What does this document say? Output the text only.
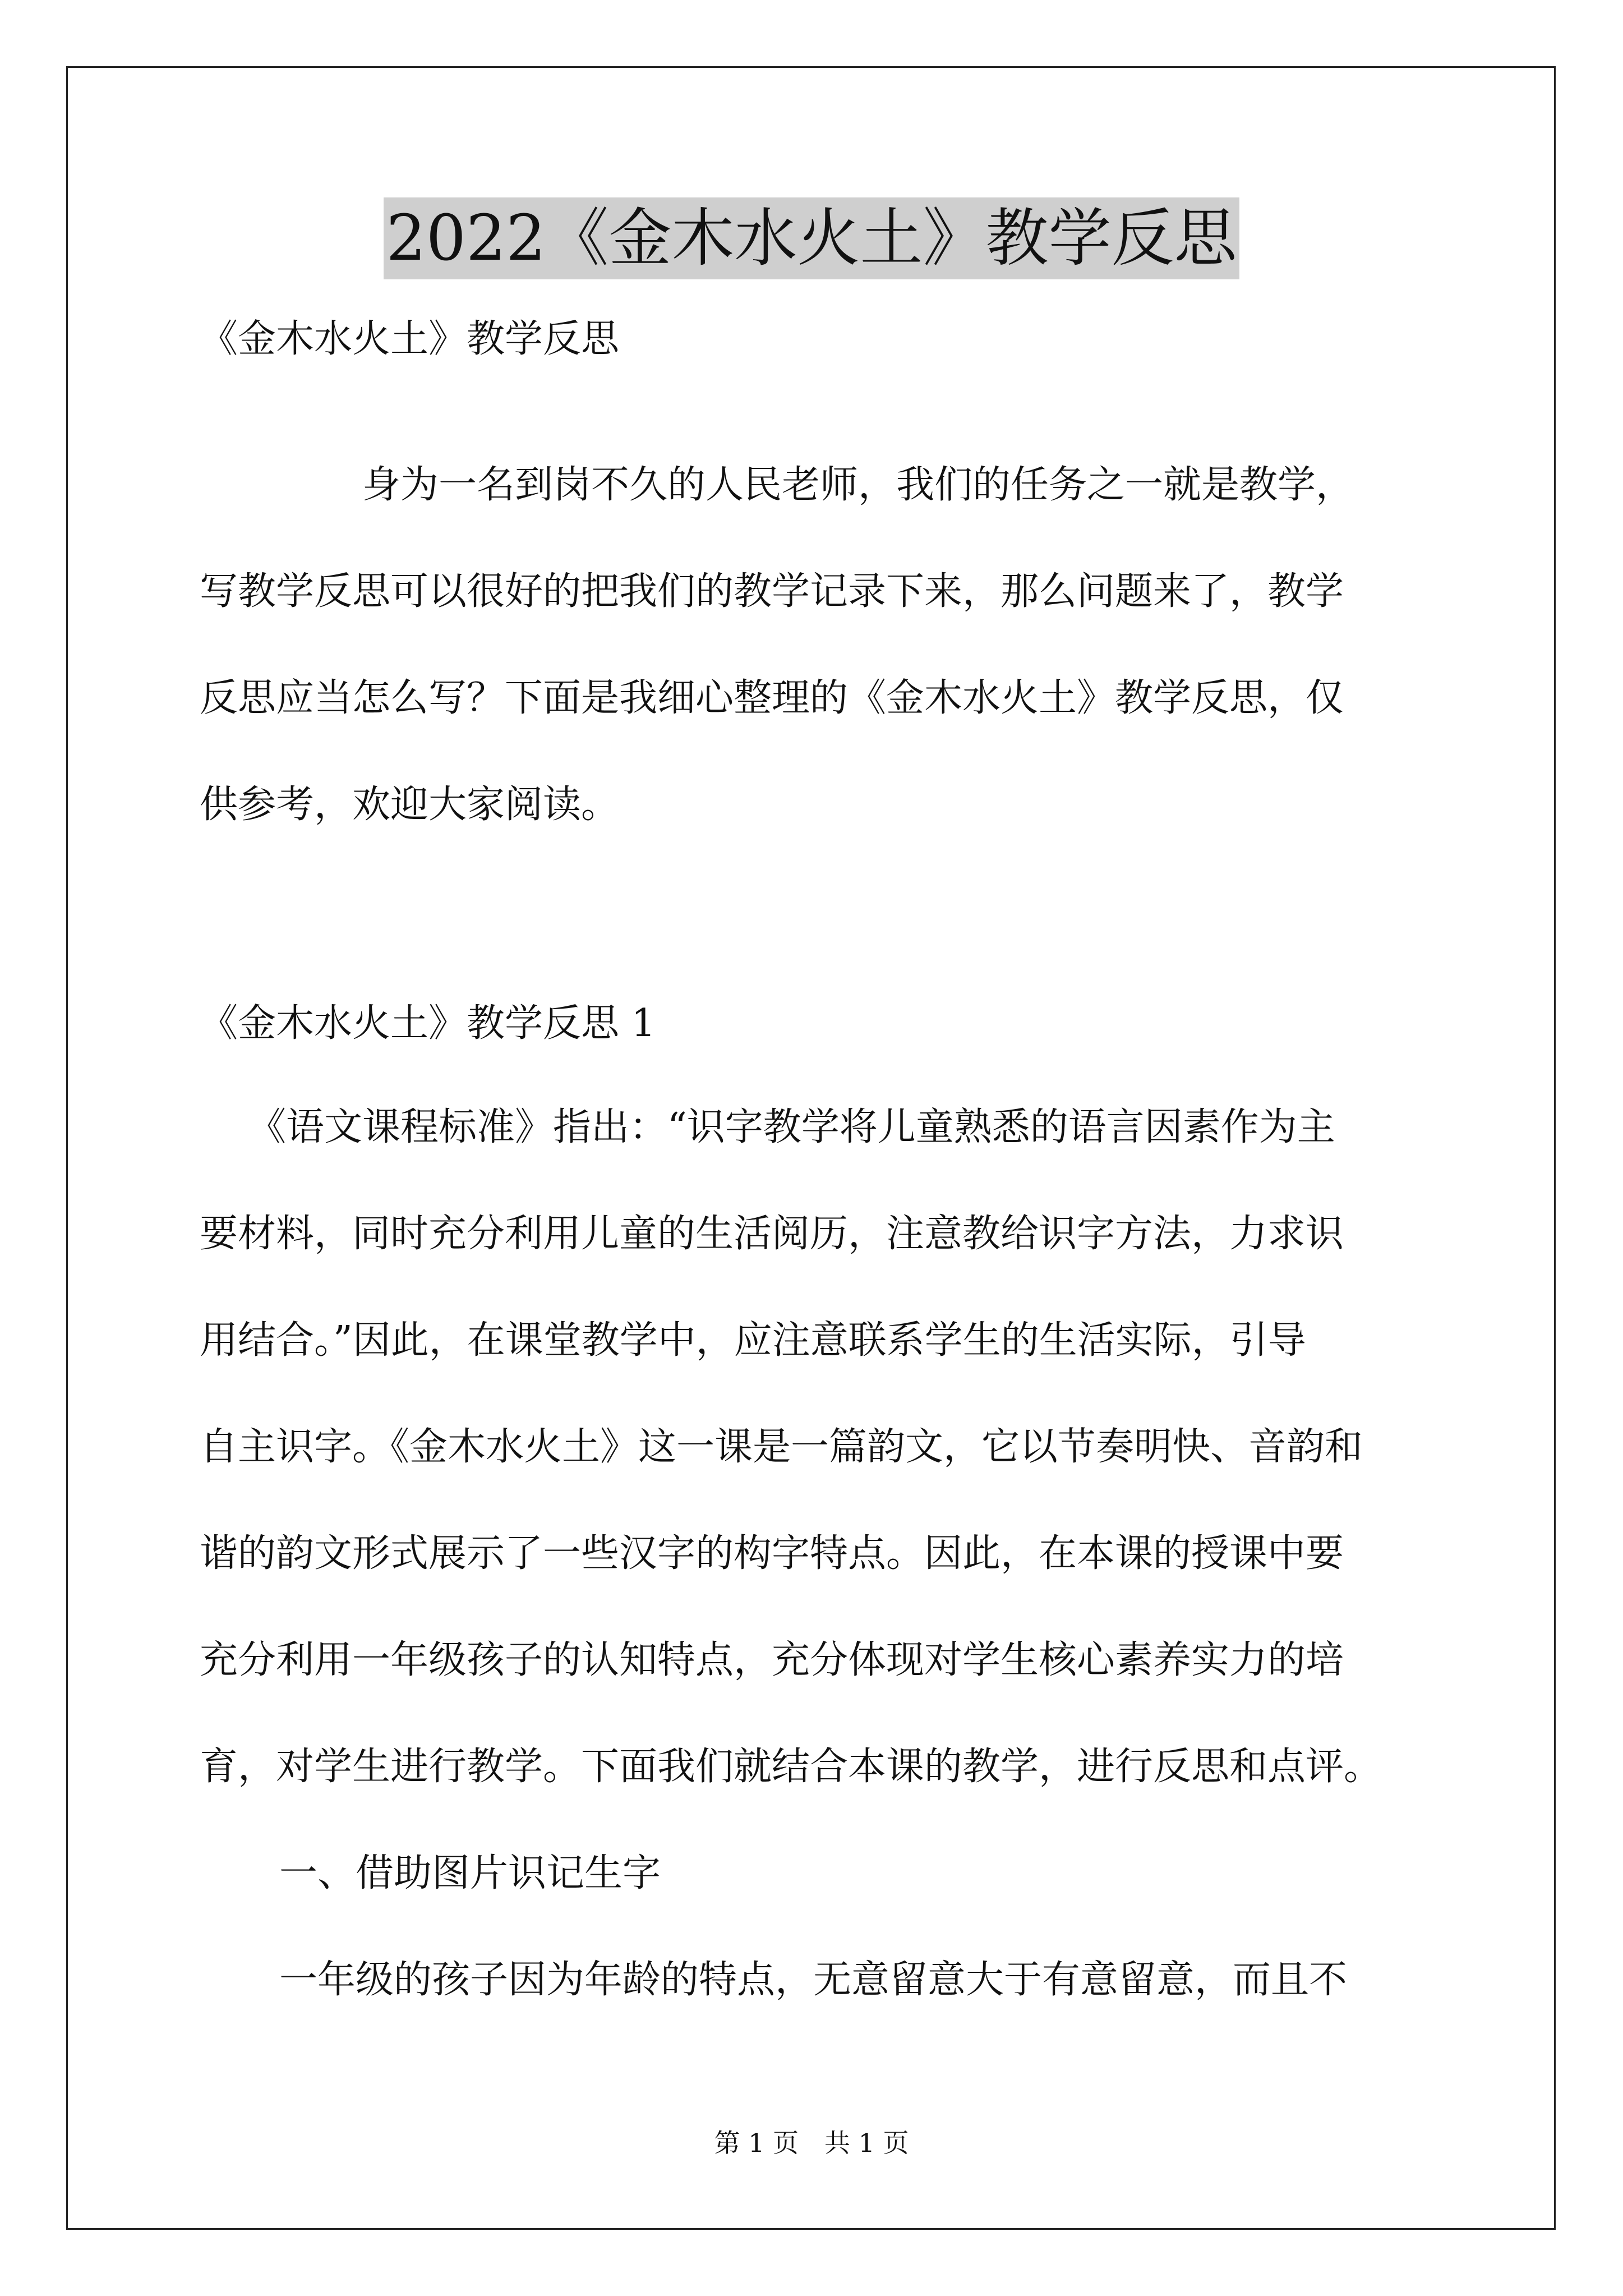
2022《金木水火土》教学反思
《金木水火土》教学反思
身为一名到岗不久的人民老师，我们的任务之一就是教学，
写教学反思可以很好的把我们的教学记录下来，那么问题来了，教学
反思应当怎么写？下面是我细心整理的《金木水火土》教学反思，仅
供参考，欢迎大家阅读。
《金木水火土》教学反思 1
《语文课程标准》指出：“识字教学将儿童熟悉的语言因素作为主
要材料，同时充分利用儿童的生活阅历，注意教给识字方法，力求识
用结合。”因此，在课堂教学中，应注意联系学生的生活实际，引导
自主识字。《金木水火土》这一课是一篇韵文，它以节奏明快、音韵和
谐的韵文形式展示了一些汉字的构字特点。因此，在本课的授课中要
充分利用一年级孩子的认知特点，充分体现对学生核心素养实力的培
育，对学生进行教学。下面我们就结合本课的教学，进行反思和点评。
一、借助图片识记生字
一年级的孩子因为年龄的特点，无意留意大于有意留意，而且不
第 1 页　共 1 页
